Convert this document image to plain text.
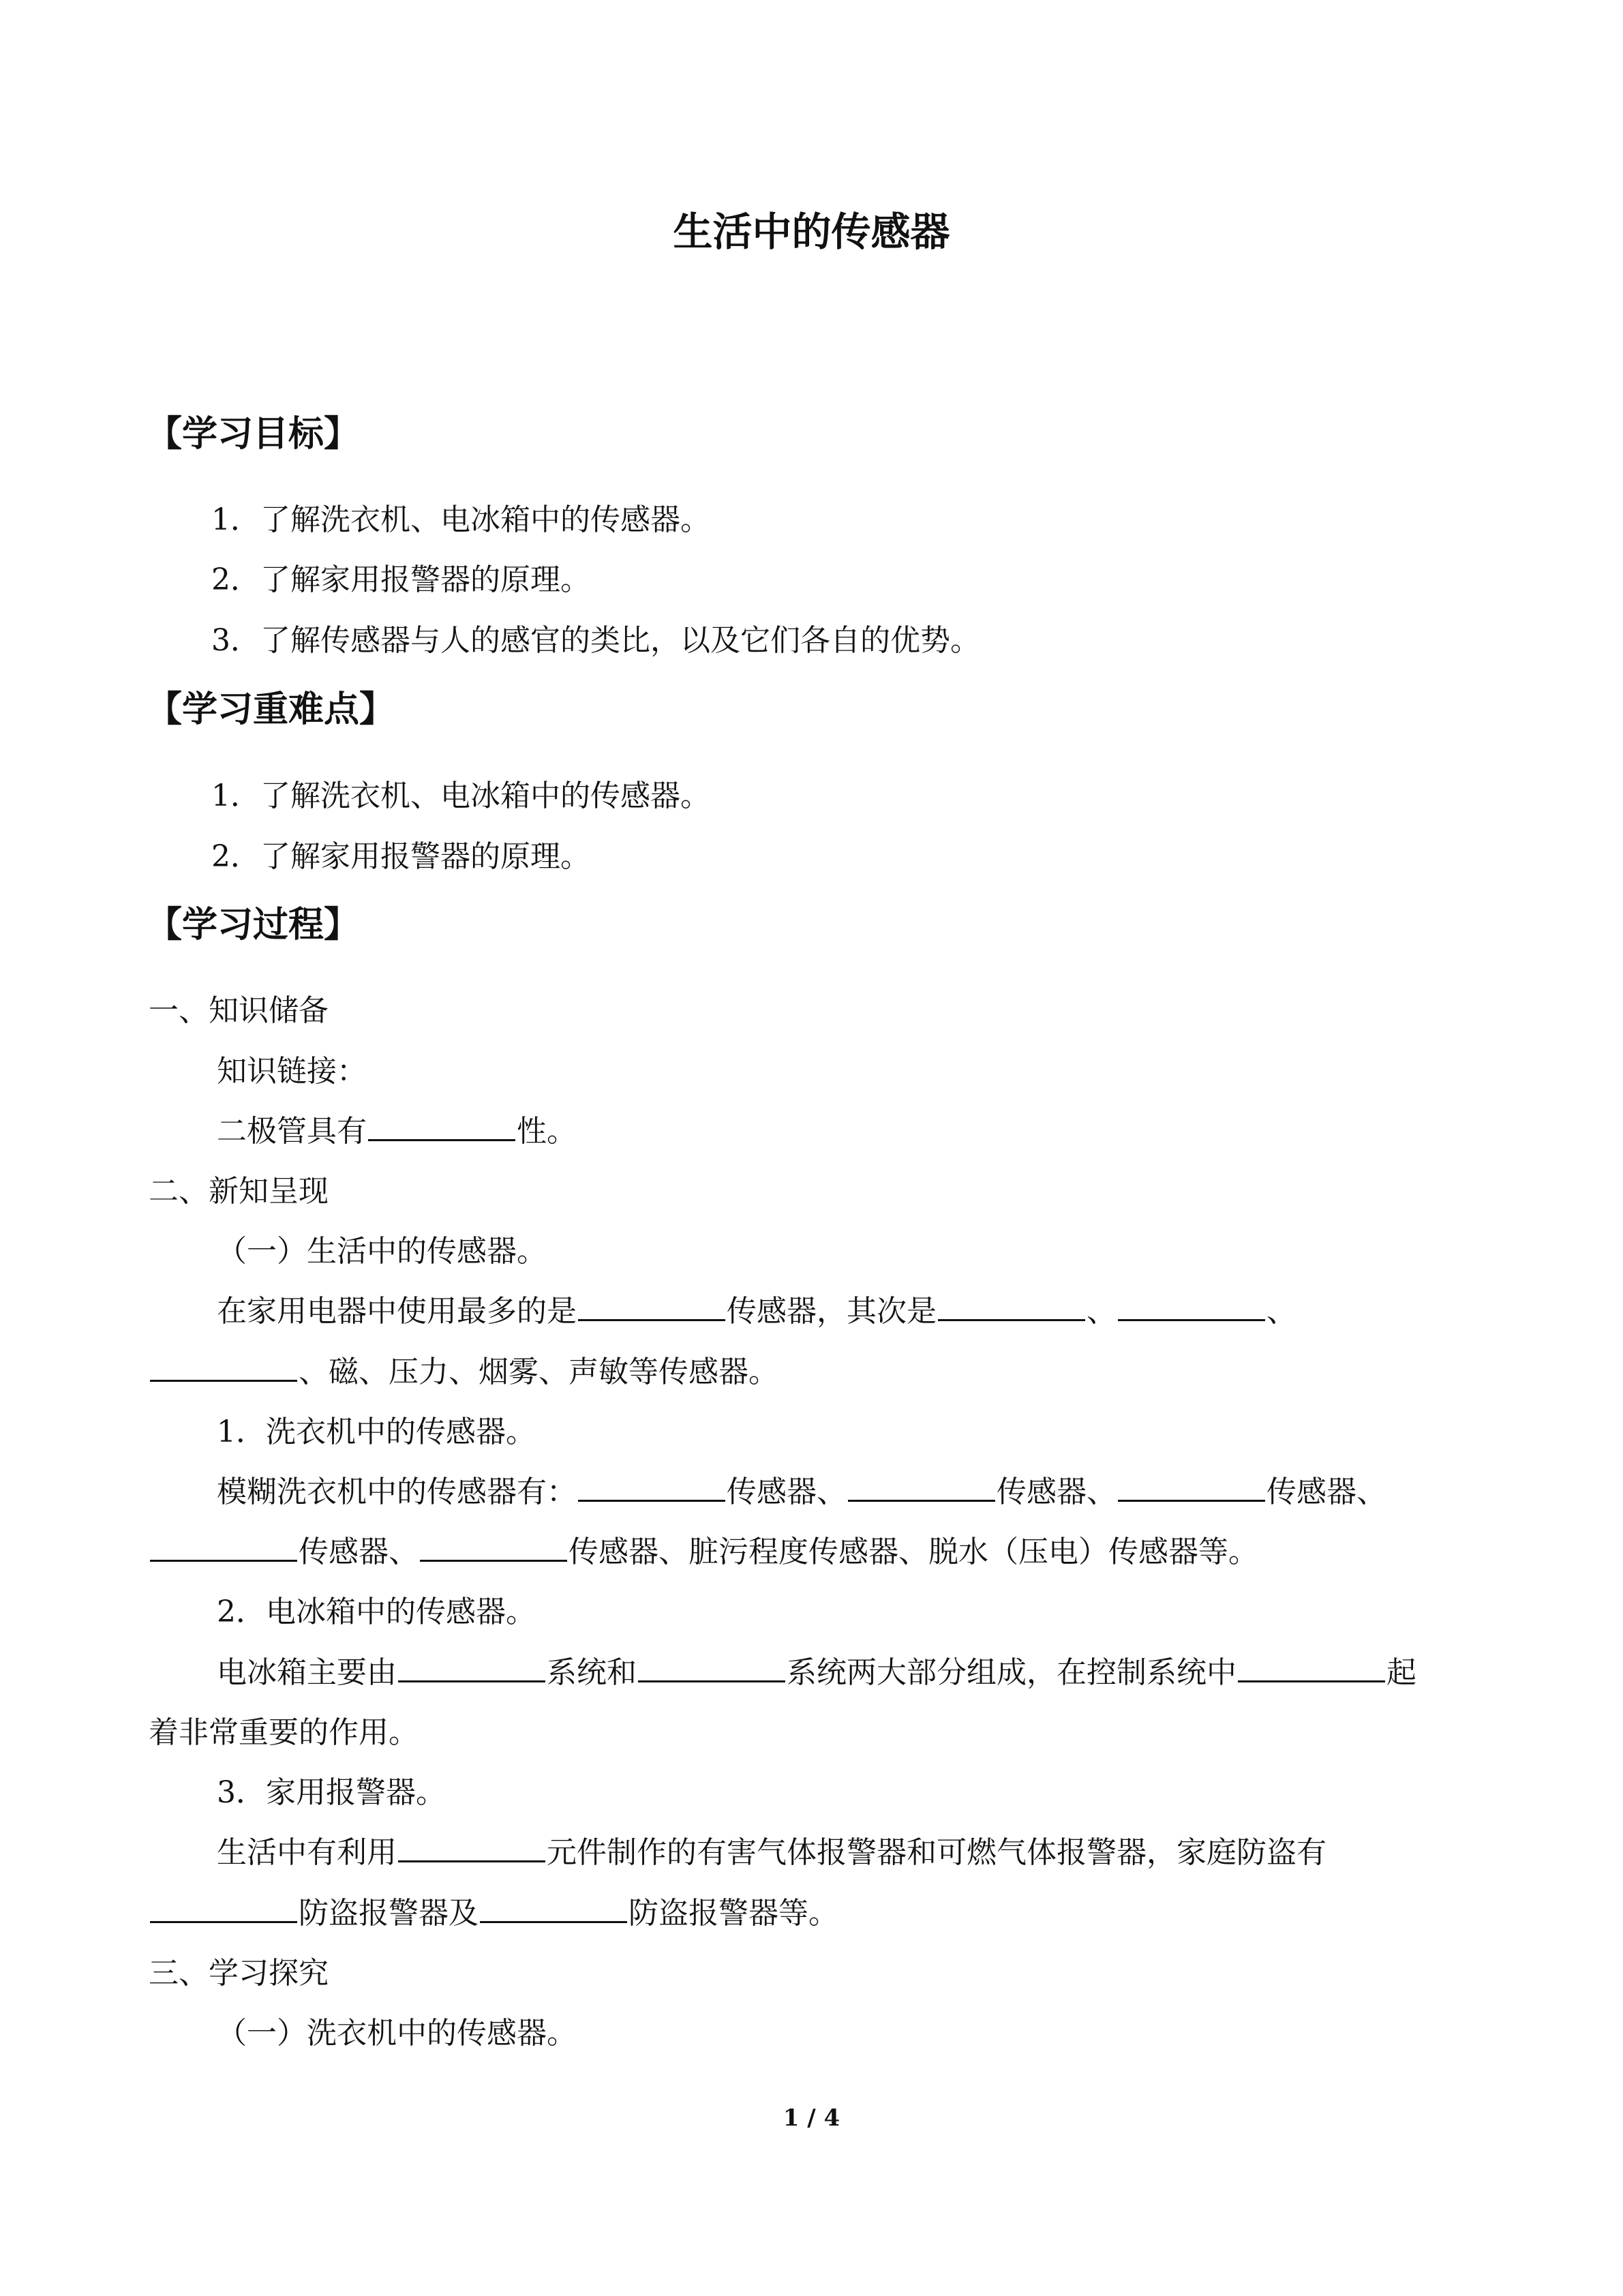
生活中的传感器
【学习目标】
1．了解洗衣机、电冰箱中的传感器。
2．了解家用报警器的原理。
3．了解传感器与人的感官的类比，以及它们各自的优势。
【学习重难点】
1．了解洗衣机、电冰箱中的传感器。
2．了解家用报警器的原理。
【学习过程】
一、知识储备
知识链接：
二极管具有	性。
二、新知呈现
（一）生活中的传感器。
在家用电器中使用最多的是	传感器，其次是	、	、
、磁、压力、烟雾、声敏等传感器。
1．洗衣机中的传感器。
模糊洗衣机中的传感器有：	传感器、	传感器、	传感器、
传感器、	传感器、脏污程度传感器、脱水（压电）传感器等。
2．电冰箱中的传感器。
电冰箱主要由	系统和	系统两大部分组成，在控制系统中	起
着非常重要的作用。
3．家用报警器。
生活中有利用	元件制作的有害气体报警器和可燃气体报警器，家庭防盗有
防盗报警器及	防盗报警器等。
三、学习探究
（一）洗衣机中的传感器。
1 / 4
